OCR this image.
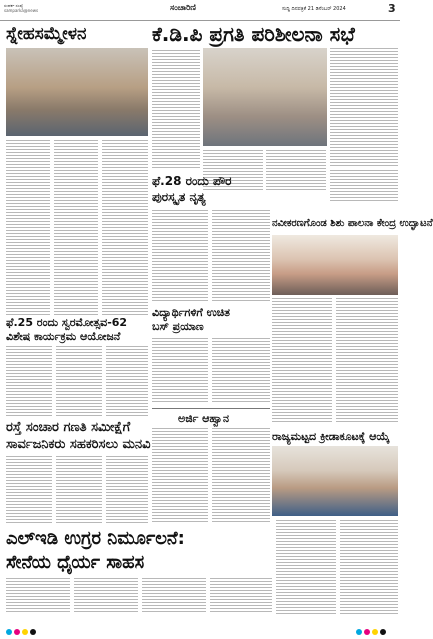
ಸಂಪರ್ಕ ಸಂಖ್ಯೆ
samparka@news	ಸಂಚಾರಿಣಿ	ಸುದ್ದಿ ದಿನಪತ್ರಿಕೆ 21 ಡಿಸೆಂಬರ್ 2024	3
ಸ್ನೇಹಸಮ್ಮೇಳನ	ಕೆ.ಡಿ.ಪಿ ಪ್ರಗತಿ ಪರಿಶೀಲನಾ ಸಭೆ
ಫೆ.28 ರಂದು ಪೌರ
ಪುರಸ್ಕೃತ ನೃತ್ಯ
ನವೀಕರಣಗೊಂಡ ಶಿಶು ಪಾಲನಾ ಕೇಂದ್ರ ಉದ್ಘಾಟನೆ
ಫೆ.25 ರಂದು ಸ್ವರಮೋತ್ಸವ-62
ವಿಶೇಷ ಕಾರ್ಯಕ್ರಮ ಆಯೋಜನೆ
ವಿದ್ಯಾರ್ಥಿಗಳಿಗೆ ಉಚಿತ
ಬಸ್ ಪ್ರಯಾಣ
ಅರ್ಜಿ ಆಹ್ವಾನ
ರಸ್ತೆ ಸಂಚಾರ ಗಣತಿ ಸಮೀಕ್ಷೆಗೆ
ಸಾರ್ವಜನಿಕರು ಸಹಕರಿಸಲು ಮನವಿ
ರಾಜ್ಯಮಟ್ಟದ ಕ್ರೀಡಾಕೂಟಕ್ಕೆ ಆಯ್ಕೆ
ಎಲ್‌ಇಡಿ ಉಗ್ರರ ನಿರ್ಮೂಲನೆ:
ಸೇನೆಯ ಧೈರ್ಯ ಸಾಹಸ
